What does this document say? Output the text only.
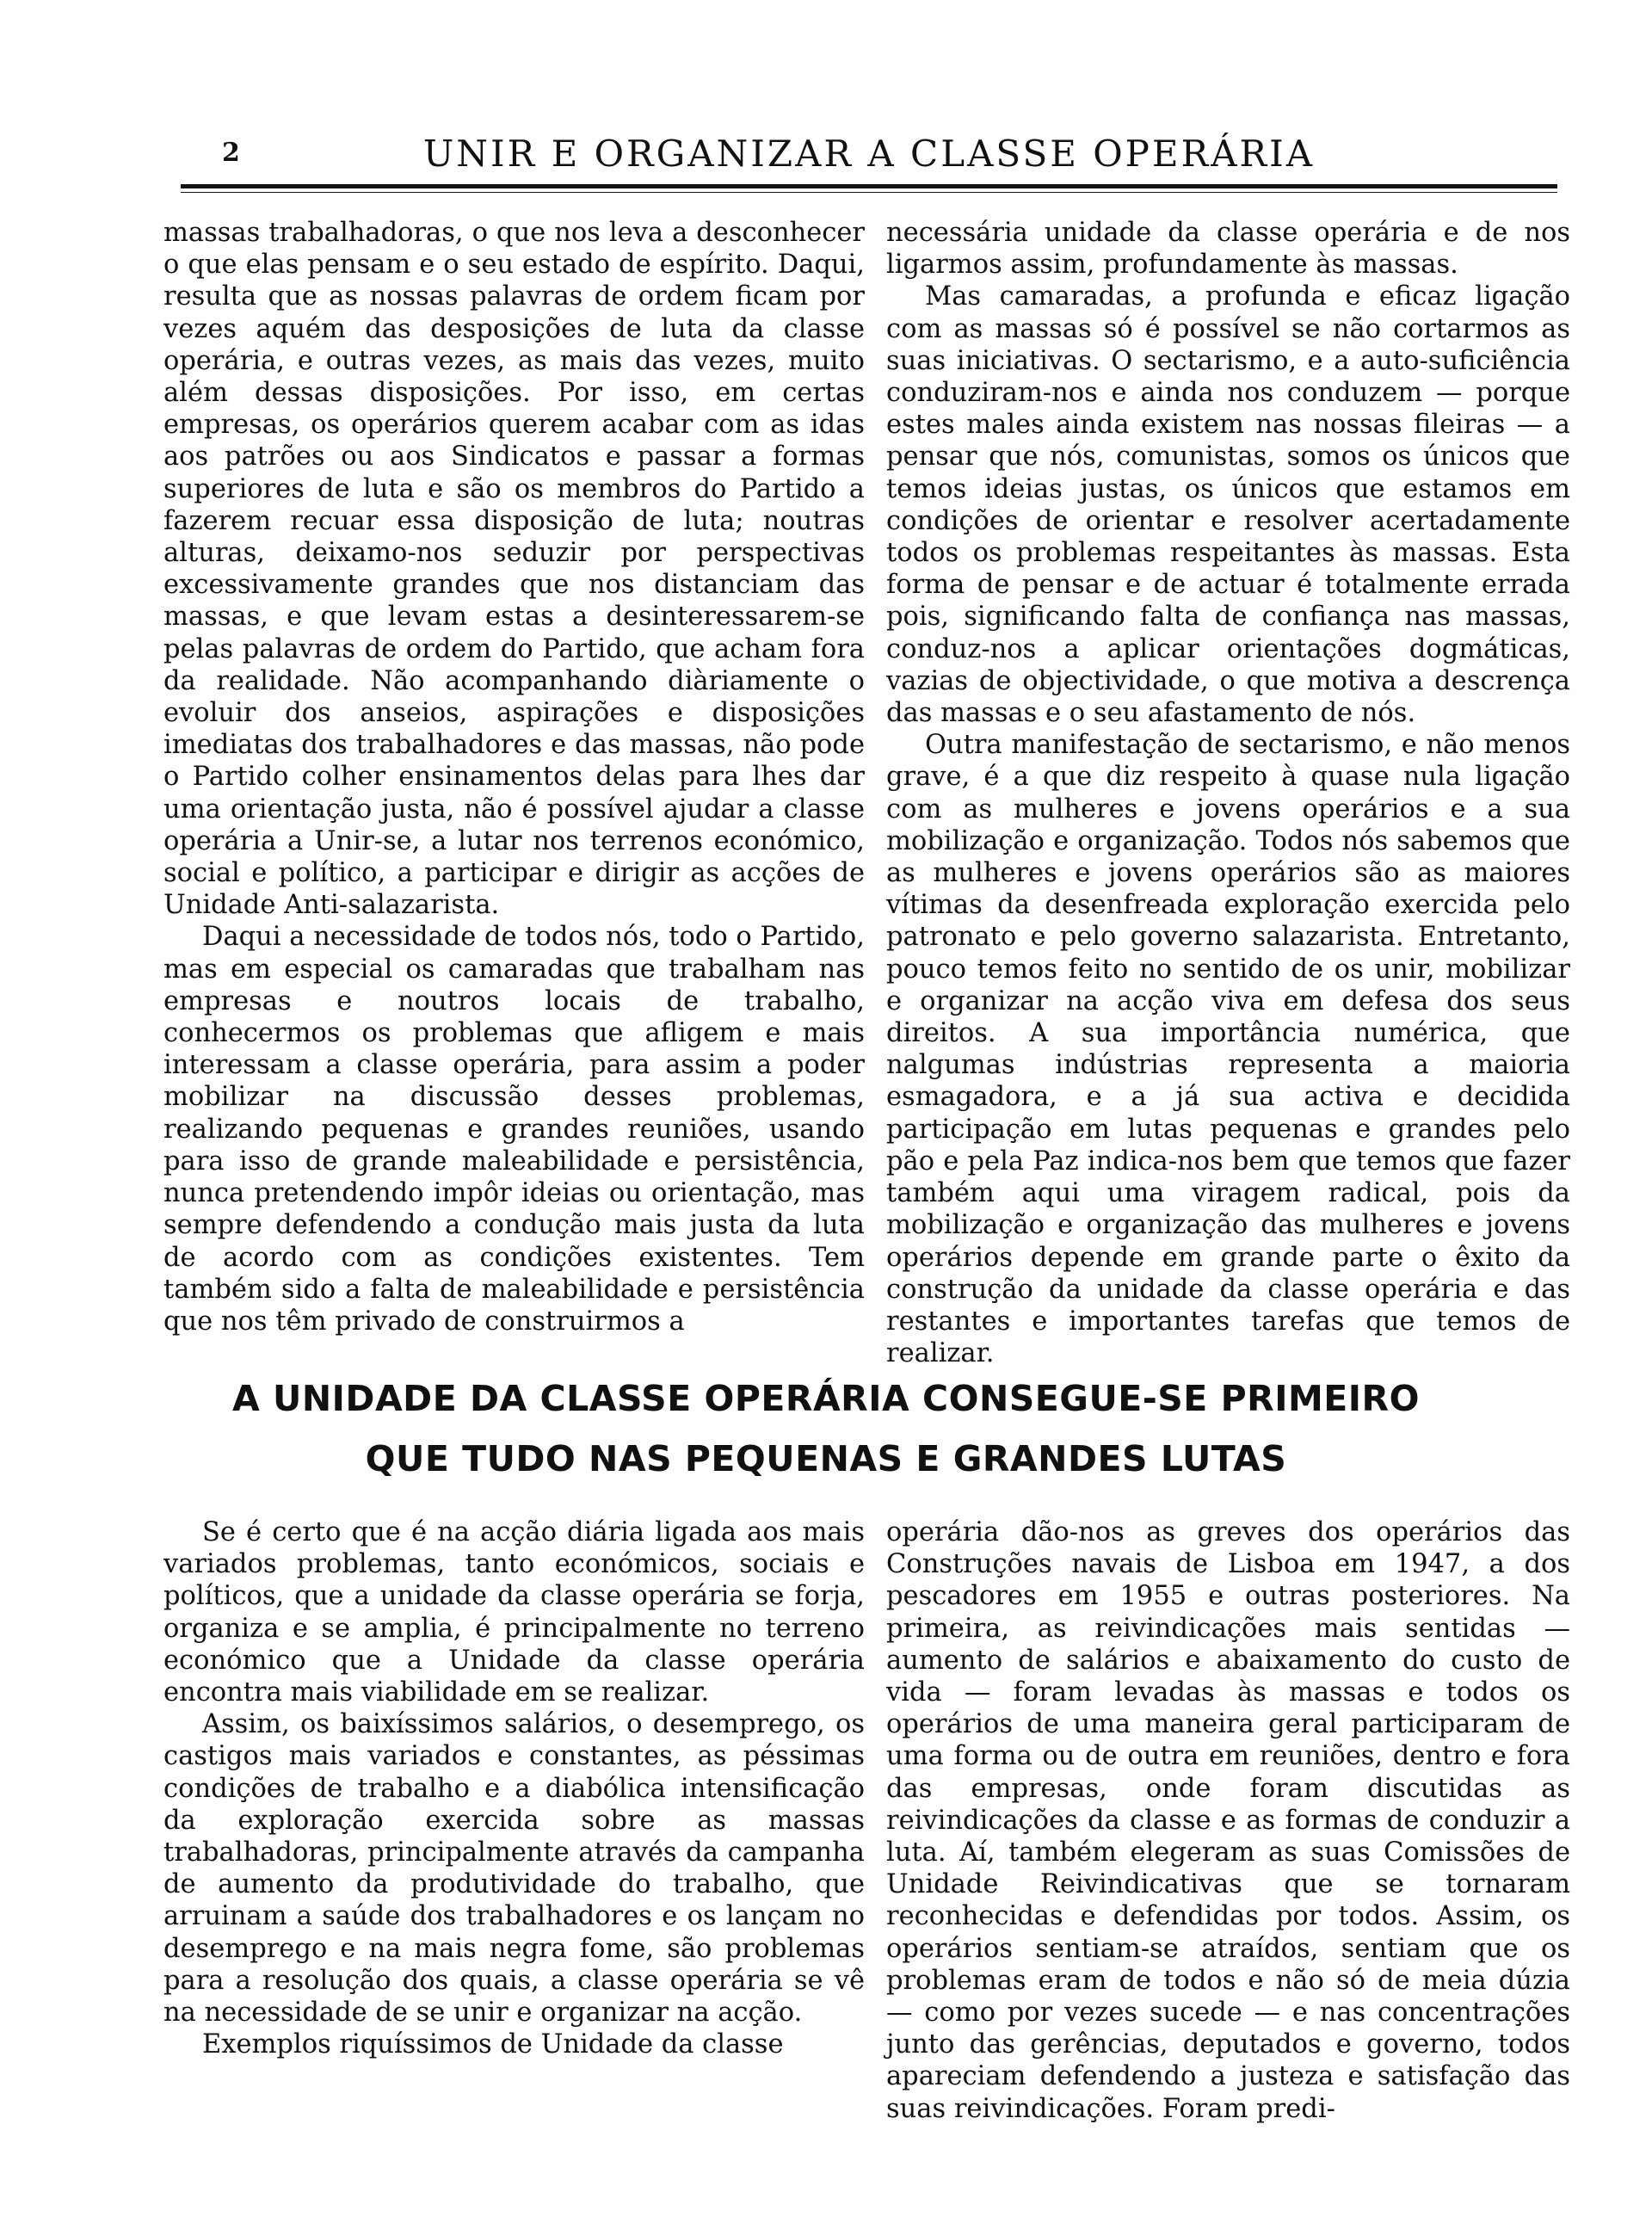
2	UNIR E ORGANIZAR A CLASSE OPERÁRIA

massas trabalhadoras, o que nos leva a desconhecer o que elas pensam e o seu estado de espírito. Daqui, resulta que as nossas palavras de ordem ficam por vezes aquém das desposições de luta da classe operária, e outras vezes, as mais das vezes, muito além dessas disposições. Por isso, em certas empresas, os operários querem acabar com as idas aos patrões ou aos Sindicatos e passar a formas superiores de luta e são os membros do Partido a fazerem recuar essa disposição de luta; noutras alturas, deixamo-nos seduzir por perspectivas excessivamente grandes que nos distanciam das massas, e que levam estas a desinteressarem-se pelas palavras de ordem do Partido, que acham fora da realidade. Não acompanhando diàriamente o evoluir dos anseios, aspirações e disposições imediatas dos trabalhadores e das massas, não pode o Partido colher ensinamentos delas para lhes dar uma orientação justa, não é possível ajudar a classe operária a Unir-se, a lutar nos terrenos económico, social e político, a participar e dirigir as acções de Unidade Anti-salazarista.

Daqui a necessidade de todos nós, todo o Partido, mas em especial os camaradas que trabalham nas empresas e noutros locais de trabalho, conhecermos os problemas que afligem e mais interessam a classe operária, para assim a poder mobilizar na discussão desses problemas, realizando pequenas e grandes reuniões, usando para isso de grande maleabilidade e persistência, nunca pretendendo impôr ideias ou orientação, mas sempre defendendo a condução mais justa da luta de acordo com as condições existentes. Tem também sido a falta de maleabilidade e persistência que nos têm privado de construirmos a

necessária unidade da classe operária e de nos ligarmos assim, profundamente às massas.

Mas camaradas, a profunda e eficaz ligação com as massas só é possível se não cortarmos as suas iniciativas. O sectarismo, e a auto-suficiência conduziram-nos e ainda nos conduzem — porque estes males ainda existem nas nossas fileiras — a pensar que nós, comunistas, somos os únicos que temos ideias justas, os únicos que estamos em condições de orientar e resolver acertadamente todos os problemas respeitantes às massas. Esta forma de pensar e de actuar é totalmente errada pois, significando falta de confiança nas massas, conduz-nos a aplicar orientações dogmáticas, vazias de objectividade, o que motiva a descrença das massas e o seu afastamento de nós.

Outra manifestação de sectarismo, e não menos grave, é a que diz respeito à quase nula ligação com as mulheres e jovens operários e a sua mobilização e organização. Todos nós sabemos que as mulheres e jovens operários são as maiores vítimas da desenfreada exploração exercida pelo patronato e pelo governo salazarista. Entretanto, pouco temos feito no sentido de os unir, mobilizar e organizar na acção viva em defesa dos seus direitos. A sua importância numérica, que nalgumas indústrias representa a maioria esmagadora, e a já sua activa e decidida participação em lutas pequenas e grandes pelo pão e pela Paz indica-nos bem que temos que fazer também aqui uma viragem radical, pois da mobilização e organização das mulheres e jovens operários depende em grande parte o êxito da construção da unidade da classe operária e das restantes e importantes tarefas que temos de realizar.

A UNIDADE DA CLASSE OPERÁRIA CONSEGUE-SE PRIMEIRO
QUE TUDO NAS PEQUENAS E GRANDES LUTAS

Se é certo que é na acção diária ligada aos mais variados problemas, tanto económicos, sociais e políticos, que a unidade da classe operária se forja, organiza e se amplia, é principalmente no terreno económico que a Unidade da classe operária encontra mais viabilidade em se realizar.

Assim, os baixíssimos salários, o desemprego, os castigos mais variados e constantes, as péssimas condições de trabalho e a diabólica intensificação da exploração exercida sobre as massas trabalhadoras, principalmente através da campanha de aumento da produtividade do trabalho, que arruinam a saúde dos trabalhadores e os lançam no desemprego e na mais negra fome, são problemas para a resolução dos quais, a classe operária se vê na necessidade de se unir e organizar na acção.

Exemplos riquíssimos de Unidade da classe

operária dão-nos as greves dos operários das Construções navais de Lisboa em 1947, a dos pescadores em 1955 e outras posteriores. Na primeira, as reivindicações mais sentidas — aumento de salários e abaixamento do custo de vida — foram levadas às massas e todos os operários de uma maneira geral participaram de uma forma ou de outra em reuniões, dentro e fora das empresas, onde foram discutidas as reivindicações da classe e as formas de conduzir a luta. Aí, também elegeram as suas Comissões de Unidade Reivindicativas que se tornaram reconhecidas e defendidas por todos. Assim, os operários sentiam-se atraídos, sentiam que os problemas eram de todos e não só de meia dúzia — como por vezes sucede — e nas concentrações junto das gerências, deputados e governo, todos apareciam defendendo a justeza e satisfação das suas reivindicações. Foram predi-
